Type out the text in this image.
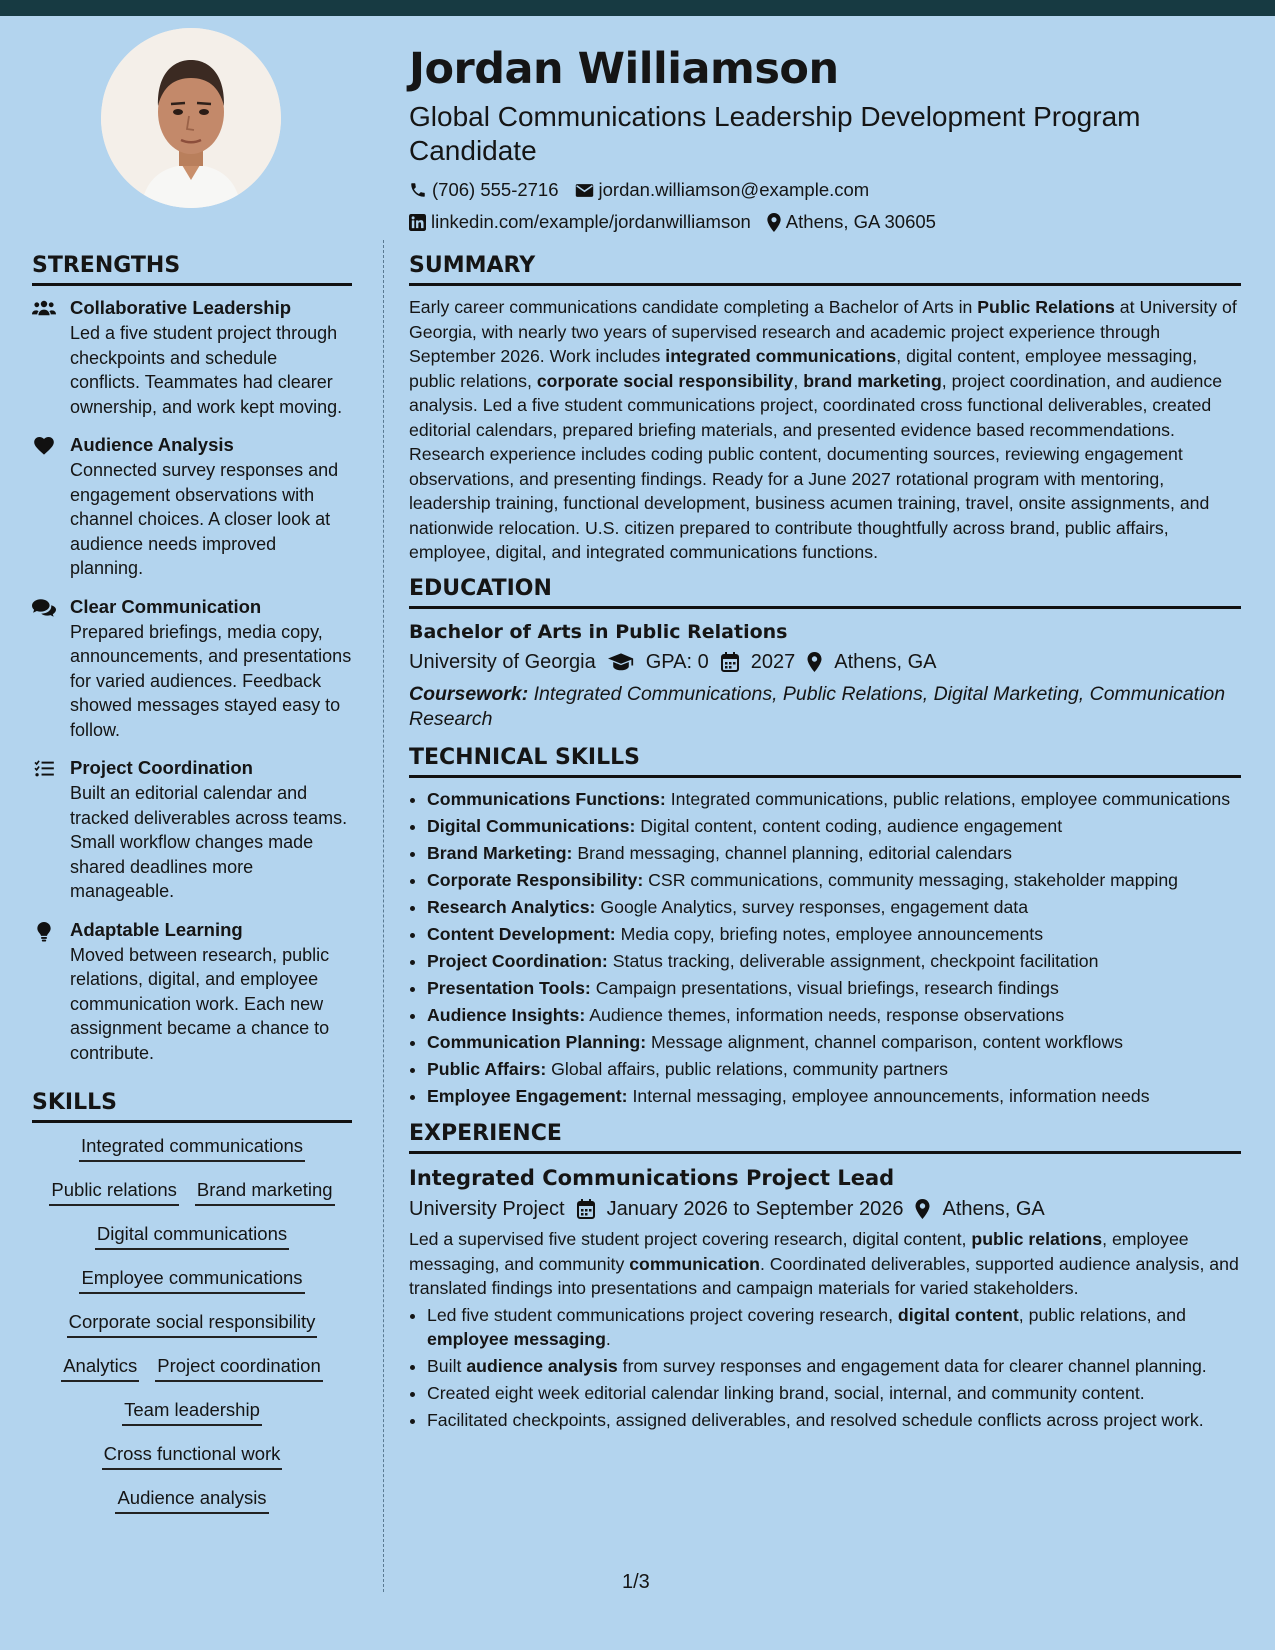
Jordan Williamson
Global Communications Leadership Development Program Candidate
(706) 555-2716 jordan.williamson@example.com
linkedin.com/example/jordanwilliamson Athens, GA 30605
STRENGTHS
Collaborative Leadership
Led a five student project through checkpoints and schedule conflicts. Teammates had clearer ownership, and work kept moving.
Audience Analysis
Connected survey responses and engagement observations with channel choices. A closer look at audience needs improved planning.
Clear Communication
Prepared briefings, media copy, announcements, and presentations for varied audiences. Feedback showed messages stayed easy to follow.
Project Coordination
Built an editorial calendar and tracked deliverables across teams. Small workflow changes made shared deadlines more manageable.
Adaptable Learning
Moved between research, public relations, digital, and employee communication work. Each new assignment became a chance to contribute.
SKILLS
Integrated communications
Public relations Brand marketing
Digital communications
Employee communications
Corporate social responsibility
Analytics Project coordination
Team leadership
Cross functional work
Audience analysis
SUMMARY

Early career communications candidate completing a Bachelor of Arts in Public Relations at University of Georgia, with nearly two years of supervised research and academic project experience through September 2026. Work includes integrated communications, digital content, employee messaging, public relations, corporate social responsibility, brand marketing, project coordination, and audience analysis. Led a five student communications project, coordinated cross functional deliverables, created editorial calendars, prepared briefing materials, and presented evidence based recommendations. Research experience includes coding public content, documenting sources, reviewing engagement observations, and presenting findings. Ready for a June 2027 rotational program with mentoring, leadership training, functional development, business acumen training, travel, onsite assignments, and nationwide relocation. U.S. citizen prepared to contribute thoughtfully across brand, public affairs, employee, digital, and integrated communications functions.

EDUCATION
Bachelor of Arts in Public Relations
University of Georgia	GPA: 0 2027 Athens, GA
Coursework: Integrated Communications, Public Relations, Digital Marketing, Communication Research
TECHNICAL SKILLS
• Communications Functions: Integrated communications, public relations, employee communications
• Digital Communications: Digital content, content coding, audience engagement
• Brand Marketing: Brand messaging, channel planning, editorial calendars
• Corporate Responsibility: CSR communications, community messaging, stakeholder mapping
• Research Analytics: Google Analytics, survey responses, engagement data
• Content Development: Media copy, briefing notes, employee announcements
• Project Coordination: Status tracking, deliverable assignment, checkpoint facilitation
• Presentation Tools: Campaign presentations, visual briefings, research findings
• Audience Insights: Audience themes, information needs, response observations
• Communication Planning: Message alignment, channel comparison, content workflows
• Public Affairs: Global affairs, public relations, community partners
• Employee Engagement: Internal messaging, employee announcements, information needs
EXPERIENCE
Integrated Communications Project Lead
University Project January 2026 to September 2026 Athens, GA

Led a supervised five student project covering research, digital content, public relations, employee messaging, and community communication. Coordinated deliverables, supported audience analysis, and translated findings into presentations and campaign materials for varied stakeholders.

• Led five student communications project covering research, digital content, public relations, and employee messaging.
• Built audience analysis from survey responses and engagement data for clearer channel planning.
• Created eight week editorial calendar linking brand, social, internal, and community content.
• Facilitated checkpoints, assigned deliverables, and resolved schedule conflicts across project work.
1/3
